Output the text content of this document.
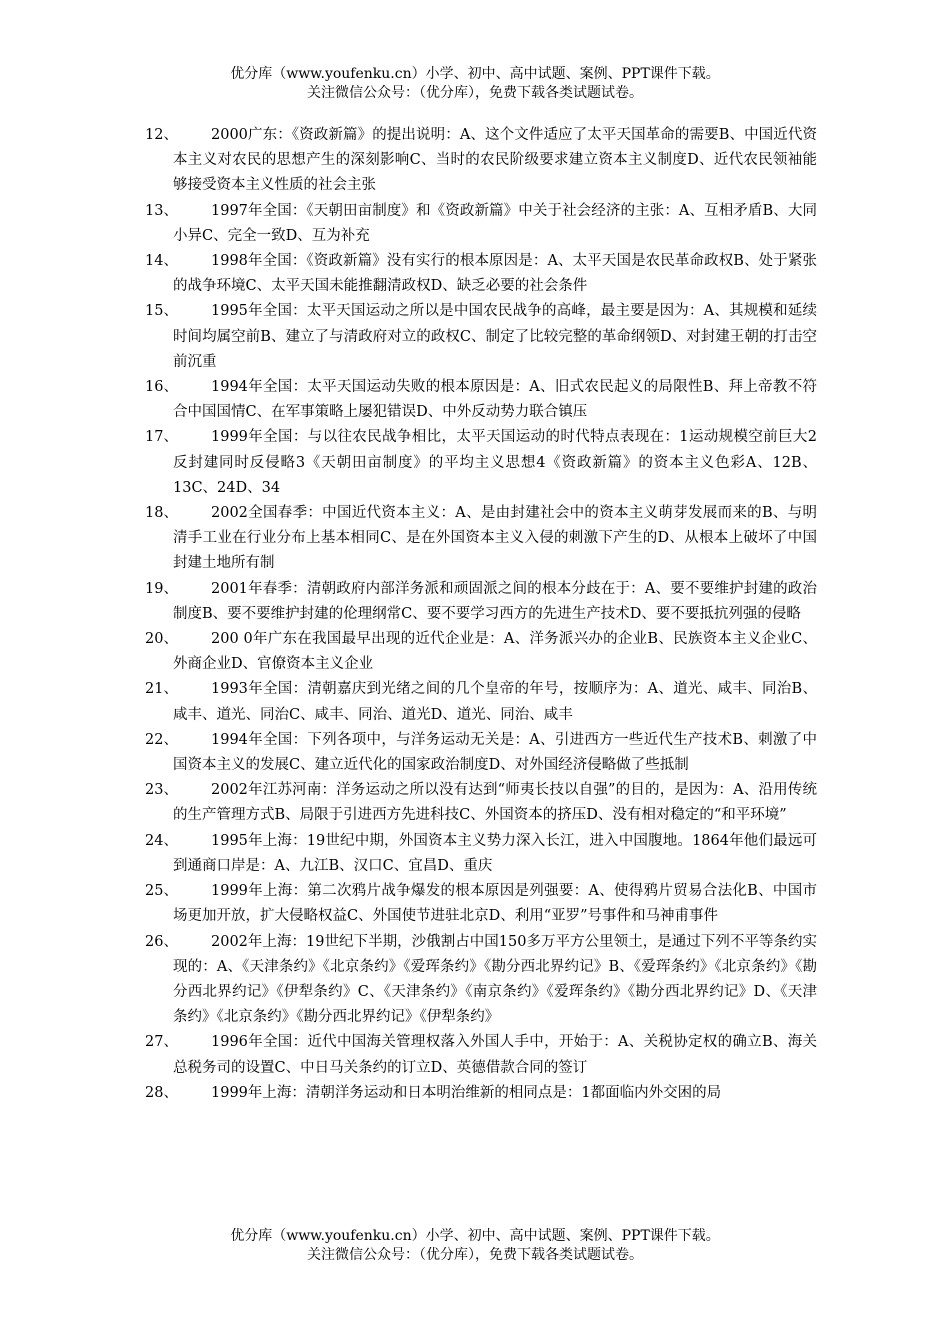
优分库（www.youfenku.cn）小学、初中、高中试题、案例、PPT课件下载。
关注微信公众号：（优分库），免费下载各类试题试卷。
12、	2000广东：《资政新篇》的提出说明：A、这个文件适应了太平天国革命的需要B、中国近代资本主义对农民的思想产生的深刻影响C、当时的农民阶级要求建立资本主义制度D、近代农民领袖能够接受资本主义性质的社会主张
13、	1997年全国：《天朝田亩制度》和《资政新篇》中关于社会经济的主张：A、互相矛盾B、大同小异C、完全一致D、互为补充
14、	1998年全国：《资政新篇》没有实行的根本原因是：A、太平天国是农民革命政权B、处于紧张的战争环境C、太平天国未能推翻清政权D、缺乏必要的社会条件
15、	1995年全国：太平天国运动之所以是中国农民战争的高峰，最主要是因为：A、其规模和延续时间均属空前B、建立了与清政府对立的政权C、制定了比较完整的革命纲领D、对封建王朝的打击空前沉重
16、	1994年全国：太平天国运动失败的根本原因是：A、旧式农民起义的局限性B、拜上帝教不符合中国国情C、在军事策略上屡犯错误D、中外反动势力联合镇压
17、	1999年全国：与以往农民战争相比，太平天国运动的时代特点表现在：1运动规模空前巨大2反封建同时反侵略3《天朝田亩制度》的平均主义思想4《资政新篇》的资本主义色彩A、12B、13C、24D、34
18、	2002全国春季：中国近代资本主义：A、是由封建社会中的资本主义萌芽发展而来的B、与明清手工业在行业分布上基本相同C、是在外国资本主义入侵的刺激下产生的D、从根本上破坏了中国封建土地所有制
19、	2001年春季：清朝政府内部洋务派和顽固派之间的根本分歧在于：A、要不要维护封建的政治制度B、要不要维护封建的伦理纲常C、要不要学习西方的先进生产技术D、要不要抵抗列强的侵略
20、	200 0年广东在我国最早出现的近代企业是：A、洋务派兴办的企业B、民族资本主义企业C、外商企业D、官僚资本主义企业
21、	1993年全国：清朝嘉庆到光绪之间的几个皇帝的年号，按顺序为：A、道光、咸丰、同治B、咸丰、道光、同治C、咸丰、同治、道光D、道光、同治、咸丰
22、	1994年全国：下列各项中，与洋务运动无关是：A、引进西方一些近代生产技术B、刺激了中国资本主义的发展C、建立近代化的国家政治制度D、对外国经济侵略做了些抵制
23、	2002年江苏河南：洋务运动之所以没有达到“师夷长技以自强”的目的，是因为：A、沿用传统的生产管理方式B、局限于引进西方先进科技C、外国资本的挤压D、没有相对稳定的“和平环境”
24、	1995年上海：19世纪中期，外国资本主义势力深入长江，进入中国腹地。1864年他们最远可到通商口岸是：A、九江B、汉口C、宜昌D、重庆
25、	1999年上海：第二次鸦片战争爆发的根本原因是列强要：A、使得鸦片贸易合法化B、中国市场更加开放，扩大侵略权益C、外国使节进驻北京D、利用“亚罗”号事件和马神甫事件
26、	2002年上海：19世纪下半期，沙俄割占中国150多万平方公里领土，是通过下列不平等条约实现的：A、《天津条约》《北京条约》《爱珲条约》《勘分西北界约记》B、《爱珲条约》《北京条约》《勘分西北界约记》《伊犁条约》C、《天津条约》《南京条约》《爱珲条约》《勘分西北界约记》D、《天津条约》《北京条约》《勘分西北界约记》《伊犁条约》
27、	1996年全国：近代中国海关管理权落入外国人手中，开始于：A、关税协定权的确立B、海关总税务司的设置C、中日马关条约的订立D、英德借款合同的签订
28、	1999年上海：清朝洋务运动和日本明治维新的相同点是：1都面临内外交困的局
优分库（www.youfenku.cn）小学、初中、高中试题、案例、PPT课件下载。
关注微信公众号：（优分库），免费下载各类试题试卷。
